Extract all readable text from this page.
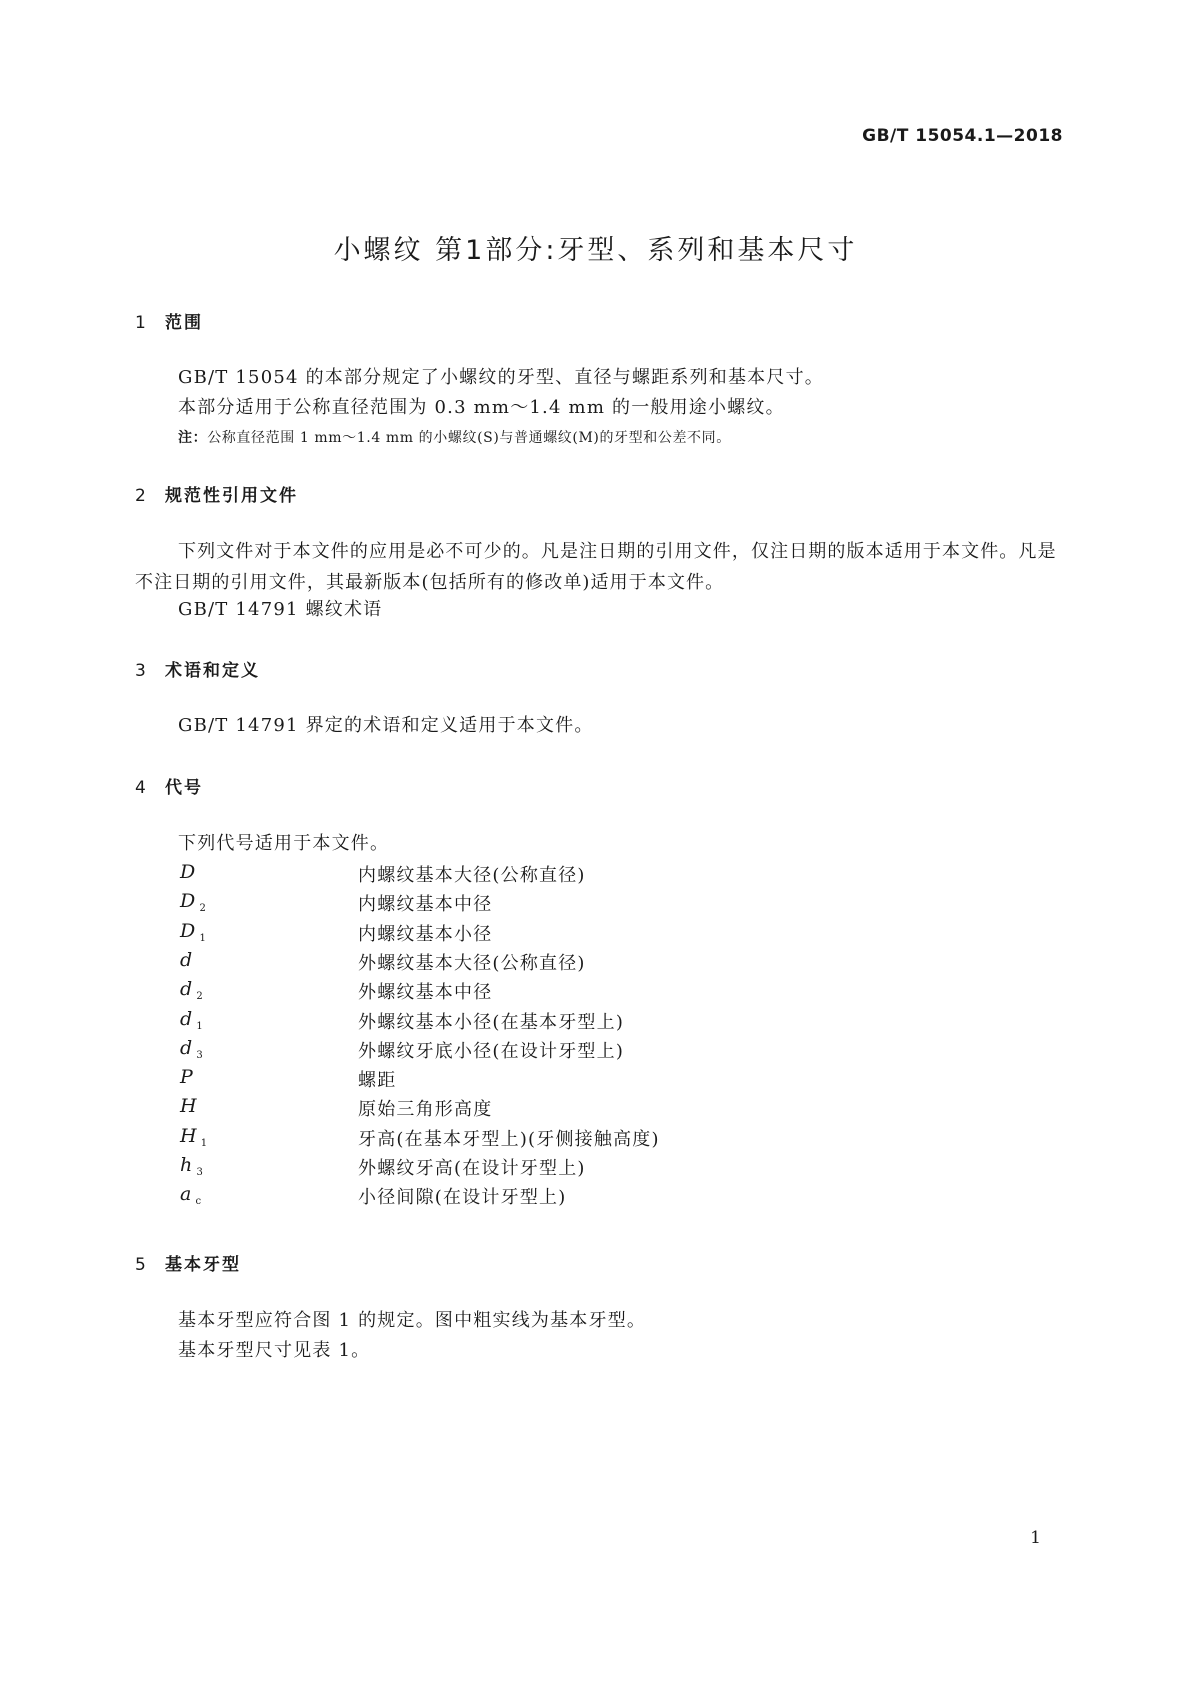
GB/T 15054.1—2018
小螺纹 第1部分:牙型、系列和基本尺寸
1 范围
GB/T 15054 的本部分规定了小螺纹的牙型、直径与螺距系列和基本尺寸。
本部分适用于公称直径范围为 0.3 mm～1.4 mm 的一般用途小螺纹。
注：公称直径范围 1 mm～1.4 mm 的小螺纹(S)与普通螺纹(M)的牙型和公差不同。
2 规范性引用文件
下列文件对于本文件的应用是必不可少的。凡是注日期的引用文件，仅注日期的版本适用于本文件。凡是不注日期的引用文件，其最新版本(包括所有的修改单)适用于本文件。
GB/T 14791 螺纹术语
3 术语和定义
GB/T 14791 界定的术语和定义适用于本文件。
4 代号
下列代号适用于本文件。
D	内螺纹基本大径(公称直径)
D $_2$	内螺纹基本中径
D $_1$	内螺纹基本小径
d	外螺纹基本大径(公称直径)
d $_2$	外螺纹基本中径
d $_1$	外螺纹基本小径(在基本牙型上)
d $_3$	外螺纹牙底小径(在设计牙型上)
P	螺距
H	原始三角形高度
H $_1$	牙高(在基本牙型上)(牙侧接触高度)
h $_3$	外螺纹牙高(在设计牙型上)
a $_c$	小径间隙(在设计牙型上)
5 基本牙型
基本牙型应符合图 1 的规定。图中粗实线为基本牙型。
基本牙型尺寸见表 1。
1
